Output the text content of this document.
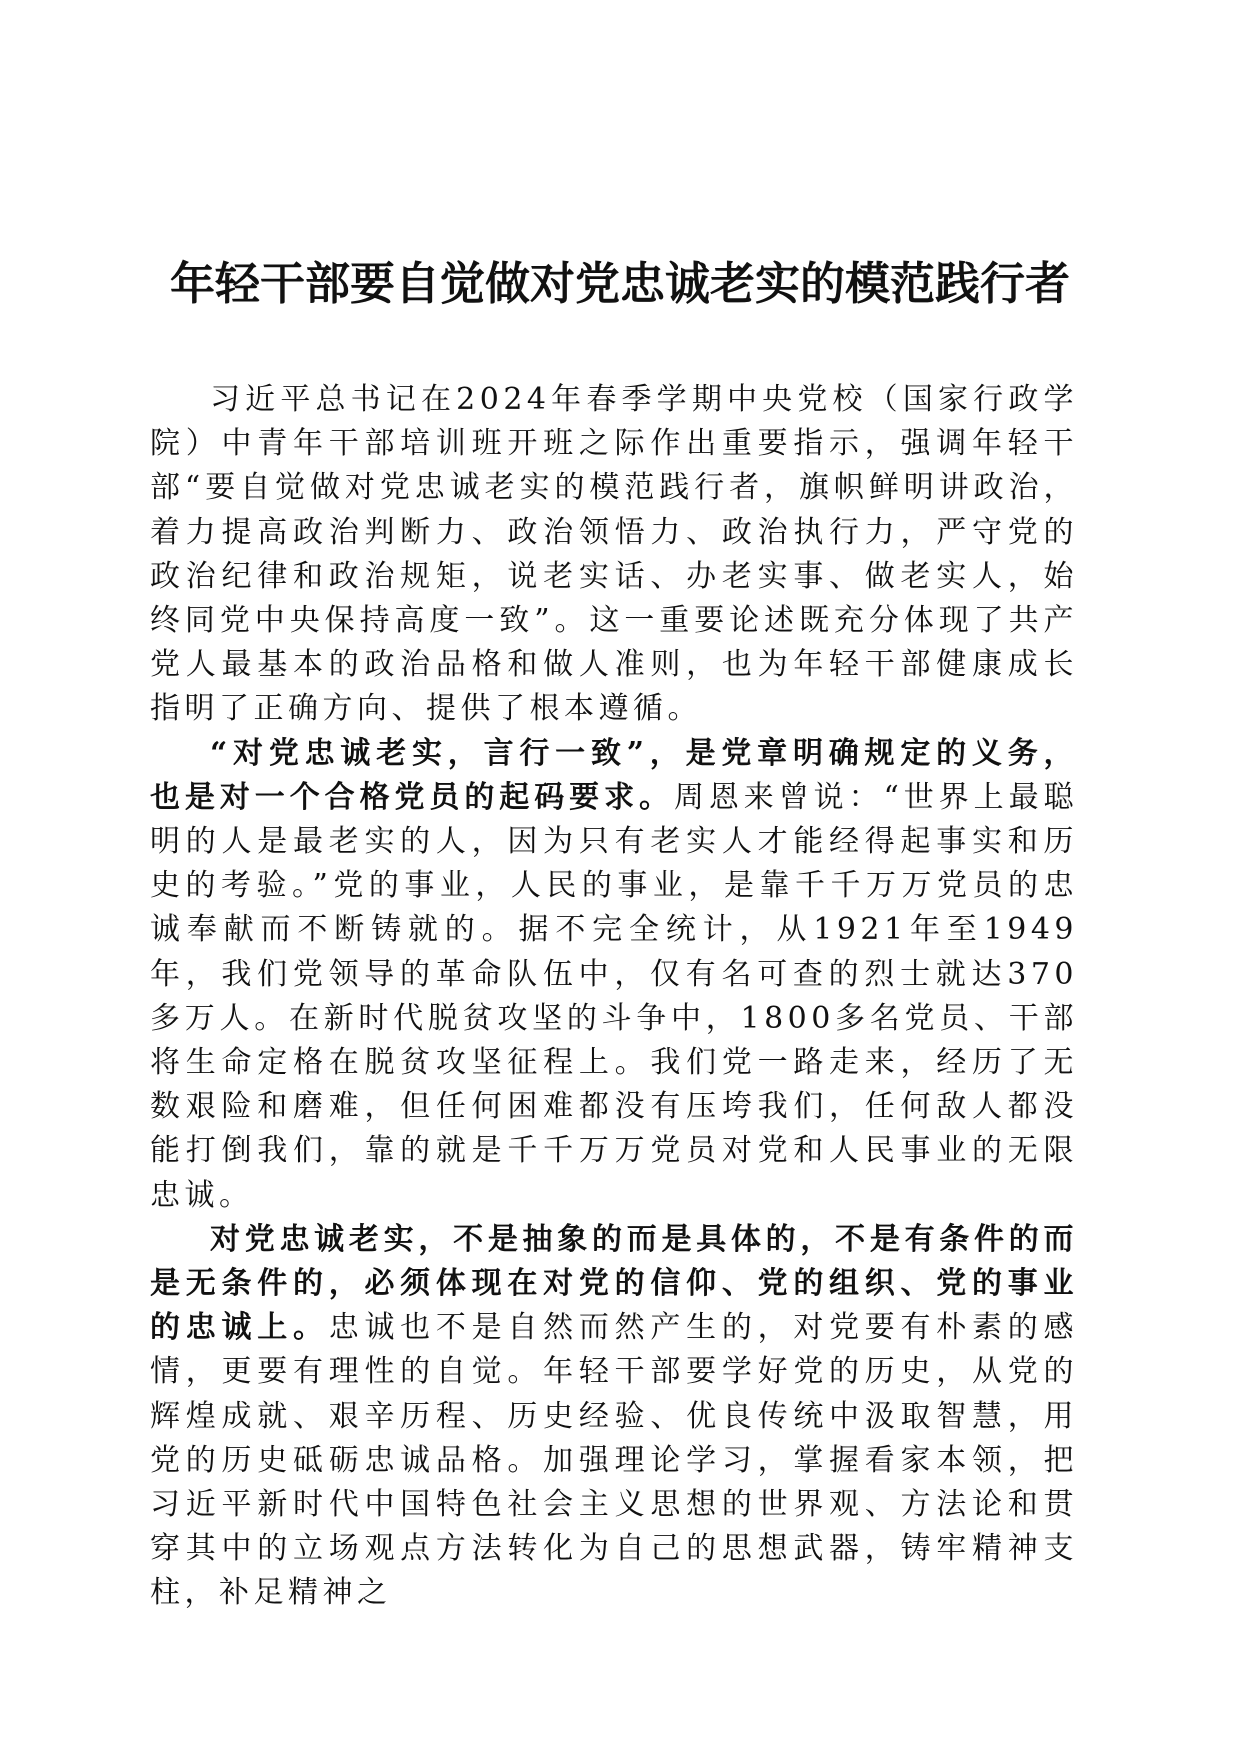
年轻干部要自觉做对党忠诚老实的模范践行者

习近平总书记在2024年春季学期中央党校（国家行政学院）中青年干部培训班开班之际作出重要指示，强调年轻干部“要自觉做对党忠诚老实的模范践行者，旗帜鲜明讲政治，着力提高政治判断力、政治领悟力、政治执行力，严守党的政治纪律和政治规矩，说老实话、办老实事、做老实人，始终同党中央保持高度一致”。这一重要论述既充分体现了共产党人最基本的政治品格和做人准则，也为年轻干部健康成长指明了正确方向、提供了根本遵循。

“对党忠诚老实，言行一致”，是党章明确规定的义务，也是对一个合格党员的起码要求。周恩来曾说：“世界上最聪明的人是最老实的人，因为只有老实人才能经得起事实和历史的考验。”党的事业，人民的事业，是靠千千万万党员的忠诚奉献而不断铸就的。据不完全统计，从1921年至1949年，我们党领导的革命队伍中，仅有名可查的烈士就达370多万人。在新时代脱贫攻坚的斗争中，1800多名党员、干部将生命定格在脱贫攻坚征程上。我们党一路走来，经历了无数艰险和磨难，但任何困难都没有压垮我们，任何敌人都没能打倒我们，靠的就是千千万万党员对党和人民事业的无限忠诚。

对党忠诚老实，不是抽象的而是具体的，不是有条件的而是无条件的，必须体现在对党的信仰、党的组织、党的事业的忠诚上。忠诚也不是自然而然产生的，对党要有朴素的感情，更要有理性的自觉。年轻干部要学好党的历史，从党的辉煌成就、艰辛历程、历史经验、优良传统中汲取智慧，用党的历史砥砺忠诚品格。加强理论学习，掌握看家本领，把习近平新时代中国特色社会主义思想的世界观、方法论和贯穿其中的立场观点方法转化为自己的思想武器，铸牢精神支柱，补足精神之
